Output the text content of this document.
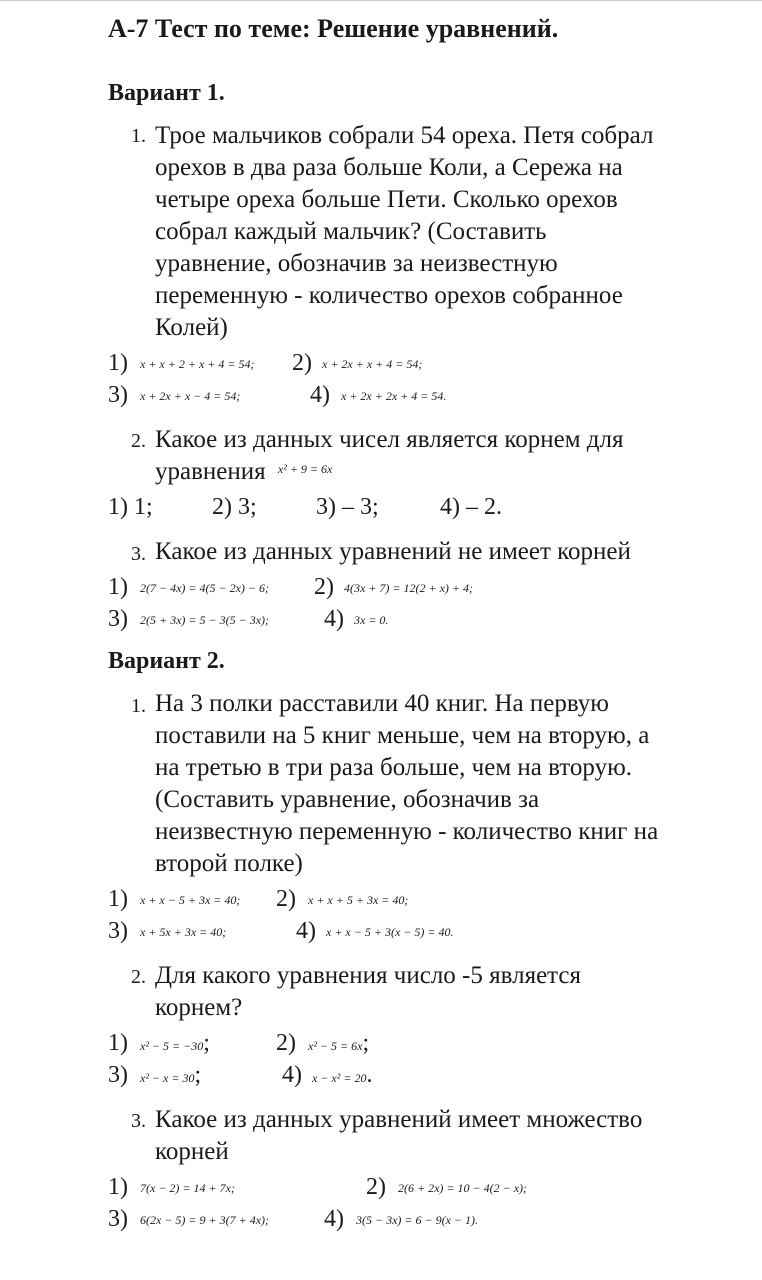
А-7 Тест по теме: Решение уравнений.
Вариант 1.
1. Трое мальчиков собрали 54 ореха. Петя собрал
орехов в два раза больше Коли, а Сережа на
четыре ореха больше Пети. Сколько орехов
собрал каждый мальчик? (Составить
уравнение, обозначив за неизвестную
переменную - количество орехов собранное
Колей)
1) x + x + 2 + x + 4 = 54; 2) x + 2x + x + 4 = 54;
3) x + 2x + x − 4 = 54;	4) x + 2x + 2x + 4 = 54.
2. Какое из данных чисел является корнем для
уравнения $^{x^2 + 9 = 6x}$
1) 1; 2) 3; 3) – 3;	4) – 2.
3. Какое из данных уравнений не имеет корней
1) 2(7 − 4x) = 4(5 − 2x) − 6; 2) 4(3x + 7) = 12(2 + x) + 4;
3) 2(5 + 3x) = 5 − 3(5 − 3x); 4) 3x = 0.
Вариант 2.
1. На 3 полки расставили 40 книг. На первую
поставили на 5 книг меньше, чем на вторую, а
на третью в три раза больше, чем на вторую.
(Составить уравнение, обозначив за
неизвестную переменную - количество книг на
второй полке)
1) x + x − 5 + 3x = 40; 2) x + x + 5 + 3x = 40;
3) x + 5x + 3x = 40;	4) x + x − 5 + 3(x − 5) = 40.
2. Для какого уравнения число -5 является
корнем?
1) x² − 5 = −30;	2) x² − 5 = 6x;
3) x² − x = 30;	4) x − x² = 20.
3. Какое из данных уравнений имеет множество
корней
1) 7(x − 2) = 14 + 7x;	2) 2(6 + 2x) = 10 − 4(2 − x);
3) 6(2x − 5) = 9 + 3(7 + 4x); 4) 3(5 − 3x) = 6 − 9(x − 1).
